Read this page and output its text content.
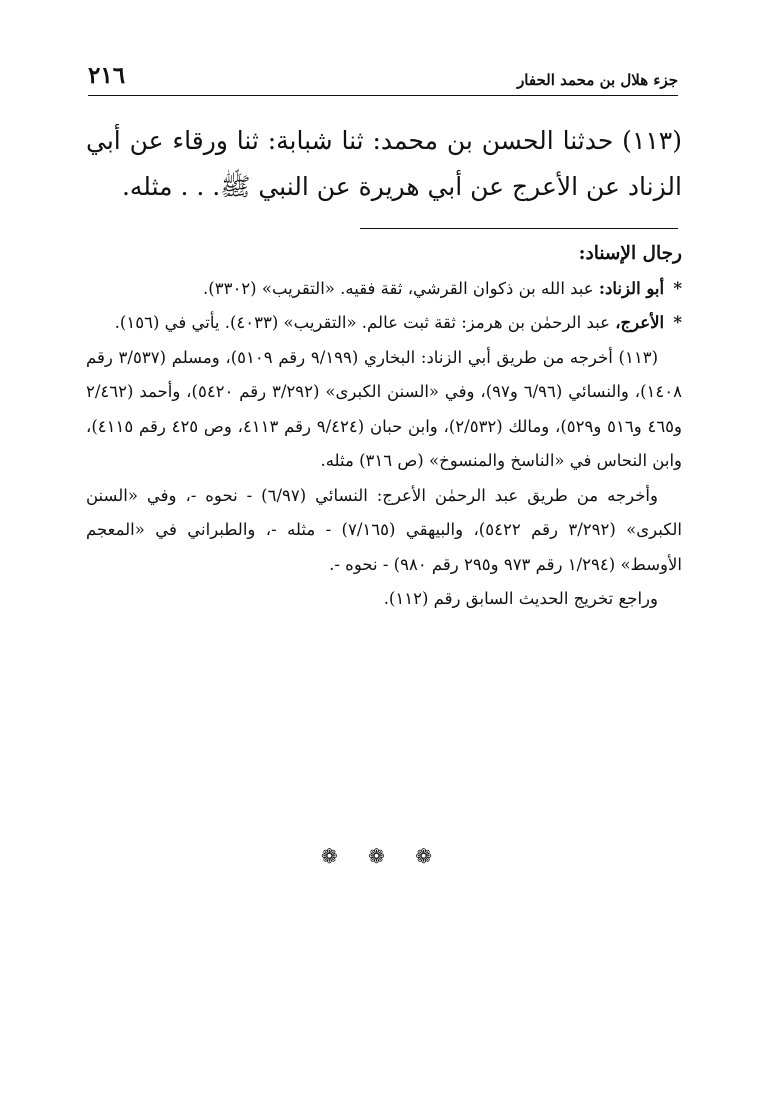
٢١٦	جزء هلال بن محمد الحفار
(١١٣) حدثنا الحسن بن محمد: ثنا شبابة: ثنا ورقاء عن أبي الزناد عن الأعرج عن أبي هريرة عن النبي ﷺ. . . مثله.

رجال الإسناد:

* أبو الزناد: عبد الله بن ذكوان القرشي، ثقة فقيه. «التقريب» (٣٣٠٢).

* الأعرج، عبد الرحمٰن بن هرمز: ثقة ثبت عالم. «التقريب» (٤٠٣٣). يأتي في (١٥٦).

(١١٣) أخرجه من طريق أبي الزناد: البخاري (٩/١٩٩ رقم ٥١٠٩)، ومسلم (٣/٥٣٧ رقم ١٤٠٨)، والنسائي (٦/٩٦ و٩٧)، وفي «السنن الكبرى» (٣/٢٩٢ رقم ٥٤٢٠)، وأحمد (٢/٤٦٢ و٤٦٥ و٥١٦ و٥٢٩)، ومالك (٢/٥٣٢)، وابن حبان (٩/٤٢٤ رقم ٤١١٣، وص ٤٢٥ رقم ٤١١٥)، وابن النحاس في «الناسخ والمنسوخ» (ص ٣١٦) مثله.

وأخرجه من طريق عبد الرحمٰن الأعرج: النسائي (٦/٩٧) - نحوه -، وفي «السنن الكبرى» (٣/٢٩٢ رقم ٥٤٢٢)، والبيهقي (٧/١٦٥) - مثله -، والطبراني في «المعجم الأوسط» (١/٢٩٤ رقم ٩٧٣ و٢٩٥ رقم ٩٨٠) - نحوه -.

وراجع تخريج الحديث السابق رقم (١١٢).

❁ ❁ ❁
